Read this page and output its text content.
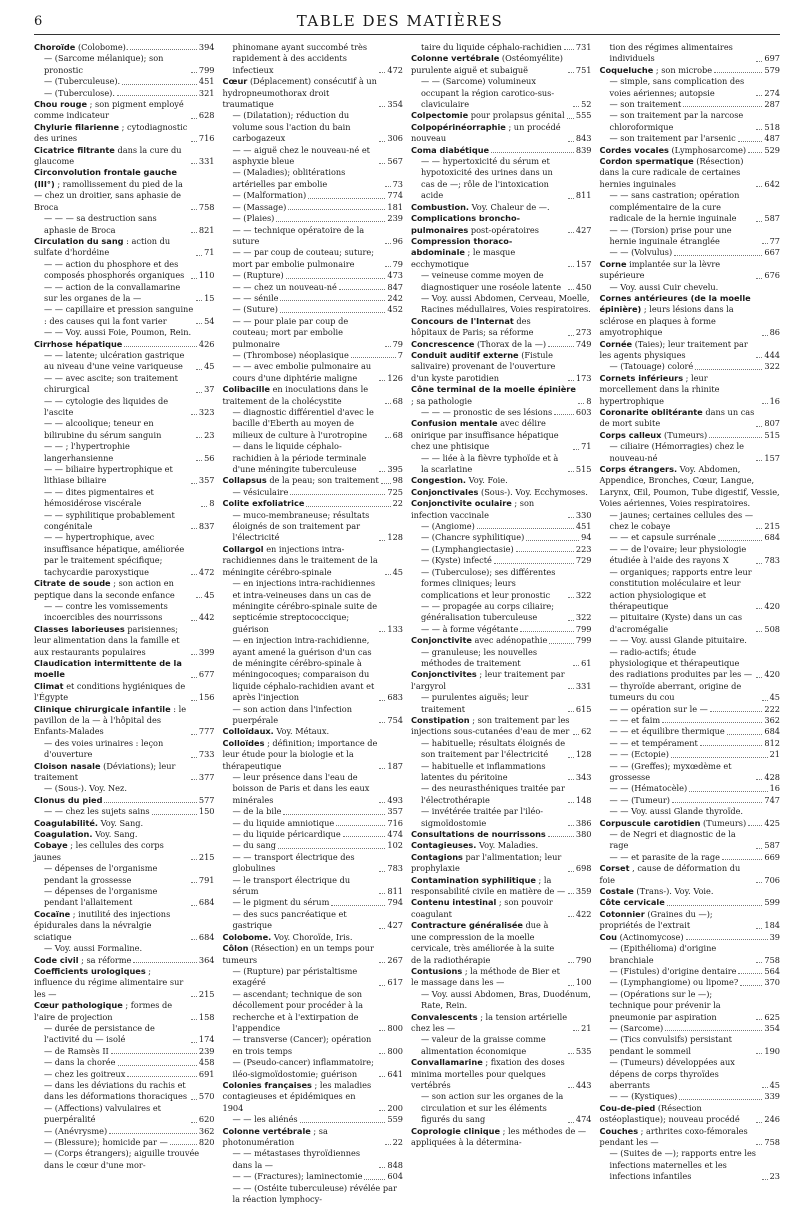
6	TABLE DES MATIÈRES
Choroïde (Colobome).	394
— (Sarcome mélanique); son pronostic	799
— (Tuberculeuse).	451
— (Tuberculose).	321
Chou rouge ; son pigment employé comme indicateur	628
Chylurie filarienne ; cytodiagnostic des urines	716
Cicatrice filtrante dans la cure du glaucome	331
Circonvolution frontale gauche (III°) ; ramollissement du pied de la — chez un droitier, sans aphasie de Broca	758
— — — sa destruction sans aphasie de Broca	821
Circulation du sang : action du sulfate d'hordéine	71
— — action du phosphore et des composés phosphorés organiques	110
— — action de la convallamarine sur les organes de la —	15
— — capillaire et pression sanguine : des causes qui la font varier	54
— — Voy. aussi Foie, Poumon, Rein.
Cirrhose hépatique	426
— — latente; ulcération gastrique au niveau d'une veine variqueuse	45
— — avec ascite; son traitement chirurgical	37
— — cytologie des liquides de l'ascite	323
— — alcoolique; teneur en bilirubine du sérum sanguin	23
— — ; l'hypertrophie langerhansienne	56
— — biliaire hypertrophique et lithiase biliaire	357
— — dites pigmentaires et hémosidérose viscérale	8
— — syphilitique probablement congénitale	837
— — hypertrophique, avec insuffisance hépatique, améliorée par le traitement spécifique; tachycardie paroxystique	472
Citrate de soude ; son action en peptique dans la seconde enfance	45
— — contre les vomissements incoercibles des nourrissons	442
Classes laborieuses parisiennes; leur alimentation dans la famille et aux restaurants populaires	399
Claudication intermittente de la moelle	677
Climat et conditions hygiéniques de l'Égypte	156
Clinique chirurgicale infantile : le pavillon de la — à l'hôpital des Enfants-Malades	777
— des voies urinaires : leçon d'ouverture	733
Cloison nasale (Déviations); leur traitement	377
— (Sous-). Voy. Nez.
Clonus du pied	577
— — chez les sujets sains	150
Coagulabilité. Voy. Sang.
Coagulation. Voy. Sang.
Cobaye ; les cellules des corps jaunes	215
— dépenses de l'organisme pendant la grossesse	791
— dépenses de l'organisme pendant l'allaitement	684
Cocaïne ; inutilité des injections épidurales dans la névralgie sciatique	684
— Voy. aussi Formaline.
Code civil ; sa réforme	364
Coefficients urologiques ; influence du régime alimentaire sur les —	215
Cœur pathologique ; formes de l'aire de projection	158
— durée de persistance de l'activité du — isolé	174
— de Ramsès II	239
— dans la chorée	458
— chez les goitreux	691
— dans les déviations du rachis et dans les déformations thoraciques 570
— (Affections) valvulaires et puerpéralité	620
— (Anévrysme)	362
— (Blessure); homicide par —	820
— (Corps étrangers); aiguille trouvée dans le cœur d'une mor-
phinomane ayant succombé très rapidement à des accidents infectieux	472
Cœur (Déplacement) consécutif à un hydropneumothorax droit traumatique	354
— (Dilatation); réduction du volume sous l'action du bain carbogazeux	306
— — aiguë chez le nouveau-né et asphyxie bleue	567
— (Maladies); oblitérations artérielles par embolie	73
— (Malformation)	774
— (Massage)	181
— (Plaies)	239
— — technique opératoire de la suture	96
— — par coup de couteau; suture; mort par embolie pulmonaire	79
— (Rupture)	473
— — chez un nouveau-né	847
— — sénile	242
— (Suture)	452
— — pour plaie par coup de couteau; mort par embolie pulmonaire	79
— (Thrombose) néoplasique	7
— — avec embolie pulmonaire au cours d'une diphtérie maligne	126
Colibacille en inoculations dans le traitement de la cholécystite	68
— diagnostic différentiel d'avec le bacille d'Eberth au moyen de milieux de culture à l'urotropine	68
— dans le liquide céphalo-rachidien à la période terminale d'une méningite tuberculeuse	395
Collapsus de la peau; son traitement 98
— vésiculaire	725
Colite exfoliatrice	22
— muco-membraneuse; résultats éloignés de son traitement par l'électricité	128
Collargol en injections intra-rachidiennes dans le traitement de la méningite cérébro-spinale	45
— en injections intra-rachidiennes et intra-veineuses dans un cas de méningite cérébro-spinale suite de septicémie streptococcique; guérison	133
— en injection intra-rachidienne, ayant amené la guérison d'un cas de méningite cérébro-spinale à méningocoques; comparaison du liquide céphalo-rachidien avant et après l'injection	683
— son action dans l'infection puerpérale	754
Colloïdaux. Voy. Métaux.
Colloïdes ; définition; importance de leur étude pour la biologie et la thérapeutique	187
— leur présence dans l'eau de boisson de Paris et dans les eaux minérales	493
— de la bile	357
— du liquide amniotique	716
— du liquide péricardique	474
— du sang	102
— — transport électrique des globulines	783
— le transport électrique du sérum	811
— le pigment du sérum	794
— des sucs pancréatique et gastrique	427
Colobome. Voy. Choroïde, Iris.
Côlon (Résection) en un temps pour tumeurs	267
— (Rupture) par péristaltisme exagéré	617
— ascendant; technique de son décollement pour procéder à la recherche et à l'extirpation de l'appendice	800
— transverse (Cancer); opération en trois temps	800
— (Pseudo-cancer) inflammatoire; iléo-sigmoïdostomie; guérison	641
Colonies françaises ; les maladies contagieuses et épidémiques en 1904	200
— — les aliénés	559
Colonne vertébrale ; sa photonumération	22
— — métastases thyroïdiennes dans la —	848
— — (Fractures); laminectomie	604
— — (Ostéite tuberculeuse) révélée par la réaction lymphocy-
taire du liquide céphalo-rachidien 731
Colonne vertébrale (Ostéomyélite) purulente aiguë et subaiguë	751
— — (Sarcome) volumineux occupant la région carotico-sus-claviculaire	52
Colpectomie pour prolapsus génital 555
Colpopérinéorraphie ; un procédé nouveau	843
Coma diabétique	839
— — hypertoxicité du sérum et hypotoxicité des urines dans un cas de —; rôle de l'intoxication acide	811
Combustion. Voy. Chaleur de —.
Complications broncho-pulmonaires post-opératoires	427
Compression thoraco-abdominale ; le masque ecchymotique	157
— veineuse comme moyen de diagnostiquer une roséole latente	450
— Voy. aussi Abdomen, Cerveau, Moelle, Racines médullaires, Voies respiratoires.
Concours de l'Internat des hôpitaux de Paris; sa réforme	273
Concrescence (Thorax de la —)	749
Conduit auditif externe (Fistule salivaire) provenant de l'ouverture d'un kyste parotidien	173
Cône terminal de la moelle épinière ; sa pathologie	8
— — — pronostic de ses lésions	603
Confusion mentale avec délire onirique par insuffisance hépatique chez une phtisique	71
— — liée à la fièvre typhoïde et à la scarlatine	515
Congestion. Voy. Foie.
Conjonctivales (Sous-). Voy. Ecchymoses.
Conjonctivite oculaire ; son infection vaccinale	330
— (Angiome)	451
— (Chancre syphilitique)	94
— (Lymphangiectasie)	223
— (Kyste) infecté	729
— (Tuberculose); ses différentes formes cliniques; leurs complications et leur pronostic	322
— — propagée au corps ciliaire; généralisation tuberculeuse	322
— — à forme végétante	799
Conjonctivite avec adénopathie	799
— granuleuse; les nouvelles méthodes de traitement	61
Conjonctivites ; leur traitement par l'argyrol	331
— purulentes aiguës; leur traitement	615
Constipation ; son traitement par les injections sous-cutanées d'eau de mer 62
— habituelle; résultats éloignés de son traitement par l'électricité	128
— habituelle et inflammations latentes du péritoine	343
— des neurasthéniques traitée par l'électrothérapie	148
— invétérée traitée par l'iléo-sigmoïdostomie	386
Consultations de nourrissons	380
Contagieuses. Voy. Maladies.
Contagions par l'alimentation; leur prophylaxie	698
Contamination syphilitique ; la responsabilité civile en matière de — 359
Contenu intestinal ; son pouvoir coagulant	422
Contracture généralisée due à une compression de la moelle cervicale, très améliorée à la suite de la radiothérapie	790
Contusions ; la méthode de Bier et le massage dans les —	100
— Voy. aussi Abdomen, Bras, Duodénum, Rate, Rein.
Convalescents ; la tension artérielle chez les —	21
— valeur de la graisse comme alimentation économique	535
Convallamarine ; fixation des doses minima mortelles pour quelques vertébrés	443
— son action sur les organes de la circulation et sur les éléments figurés du sang	474
Coprologie clinique ; les méthodes de — appliquées à la détermina-
tion des régimes alimentaires individuels	697
Coqueluche ; son microbe	579
— simple, sans complication des voies aériennes; autopsie	274
— son traitement	287
— son traitement par la narcose chloroformique	518
— son traitement par l'arsenic	487
Cordes vocales (Lymphosarcome) 529
Cordon spermatique (Résection) dans la cure radicale de certaines hernies inguinales	642
— — sans castration; opération complémentaire de la cure radicale de la hernie inguinale	587
— — (Torsion) prise pour une hernie inguinale étranglée	77
— — (Volvulus)	667
Corne implantée sur la lèvre supérieure	676
— Voy. aussi Cuir chevelu.
Cornes antérieures (de la moelle épinière) ; leurs lésions dans la sclérose en plaques à forme amyotrophique	86
Cornée (Taies); leur traitement par les agents physiques	444
— (Tatouage) coloré	322
Cornets inférieurs ; leur morcellement dans la rhinite hypertrophique	16
Coronarite oblitérante dans un cas de mort subite	807
Corps calleux (Tumeurs)	515
— ciliaire (Hémorragies) chez le nouveau-né	157
Corps étrangers. Voy. Abdomen, Appendice, Bronches, Cœur, Langue, Larynx, Œil, Poumon, Tube digestif, Vessie, Voies aériennes, Voies respiratoires.
— jaunes; certaines cellules des — chez le cobaye	215
— — et capsule surrénale	684
— — de l'ovaire; leur physiologie étudiée à l'aide des rayons X	783
— organiques; rapports entre leur constitution moléculaire et leur action physiologique et thérapeutique	420
— pituitaire (Kyste) dans un cas d'acromégalie	508
— — Voy. aussi Glande pituitaire.
— radio-actifs; étude physiologique et thérapeutique des radiations produites par les — 420
— thyroïde aberrant, origine de tumeurs du cou	45
— — opération sur le —	222
— — et faim	362
— — et équilibre thermique	684
— — et tempérament	812
— — (Ectopie)	21
— — (Greffes); myxœdème et grossesse	428
— — (Hématocèle)	16
— — (Tumeur)	747
— — Voy. aussi Glande thyroïde.
Corpuscule carotidien (Tumeurs) 425
— de Negri et diagnostic de la rage	587
— — et parasite de la rage	669
Corset , cause de déformation du foie	706
Costale (Trans-). Voy. Voie.
Côte cervicale	599
Cotonnier (Graines du —); propriétés de l'extrait	184
Cou (Actinomycose)	39
— (Epithélioma) d'origine branchiale	758
— (Fistules) d'origine dentaire	564
— (Lymphangiome) ou lipome?	370
— (Opérations sur le —); technique pour prévenir la pneumonie par aspiration	625
— (Sarcome)	354
— (Tics convulsifs) persistant pendant le sommeil	190
— (Tumeurs) développées aux dépens de corps thyroïdes aberrants	45
— — (Kystiques)	339
Cou-de-pied (Résection ostéoplastique); nouveau procédé	246
Couches ; arthrites coxo-fémorales pendant les —	758
— (Suites de —); rapports entre les infections maternelles et les infections infantiles	23
